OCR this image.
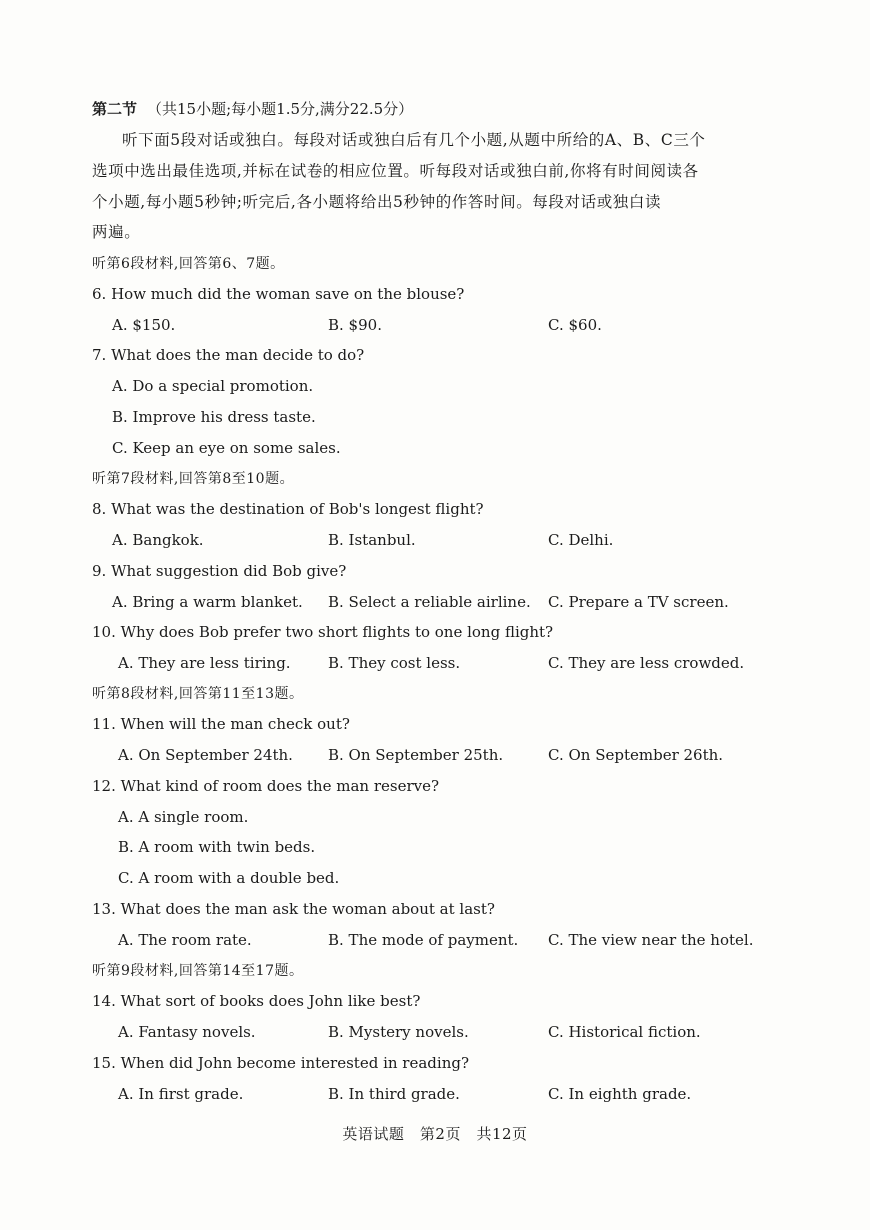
第二节 （共15小题;每小题1.5分,满分22.5分）
听下面5段对话或独白。每段对话或独白后有几个小题,从题中所给的A、B、C三个
选项中选出最佳选项,并标在试卷的相应位置。听每段对话或独白前,你将有时间阅读各
个小题,每小题5秒钟;听完后,各小题将给出5秒钟的作答时间。每段对话或独白读
两遍。
听第6段材料,回答第6、7题。
6. How much did the woman save on the blouse?
A. $150.	B. $90.	C. $60.
7. What does the man decide to do?
A. Do a special promotion.
B. Improve his dress taste.
C. Keep an eye on some sales.
听第7段材料,回答第8至10题。
8. What was the destination of Bob's longest flight?
A. Bangkok.	B. Istanbul.	C. Delhi.
9. What suggestion did Bob give?
A. Bring a warm blanket. B. Select a reliable airline. C. Prepare a TV screen.
10. Why does Bob prefer two short flights to one long flight?
A. They are less tiring. B. They cost less.	C. They are less crowded.
听第8段材料,回答第11至13题。
11. When will the man check out?
A. On September 24th. B. On September 25th.	C. On September 26th.
12. What kind of room does the man reserve?
A. A single room.
B. A room with twin beds.
C. A room with a double bed.
13. What does the man ask the woman about at last?
A. The room rate.	B. The mode of payment. C. The view near the hotel.
听第9段材料,回答第14至17题。
14. What sort of books does John like best?
A. Fantasy novels.	B. Mystery novels.	C. Historical fiction.
15. When did John become interested in reading?
A. In first grade.	B. In third grade.	C. In eighth grade.
英语试题　第2页　共12页
